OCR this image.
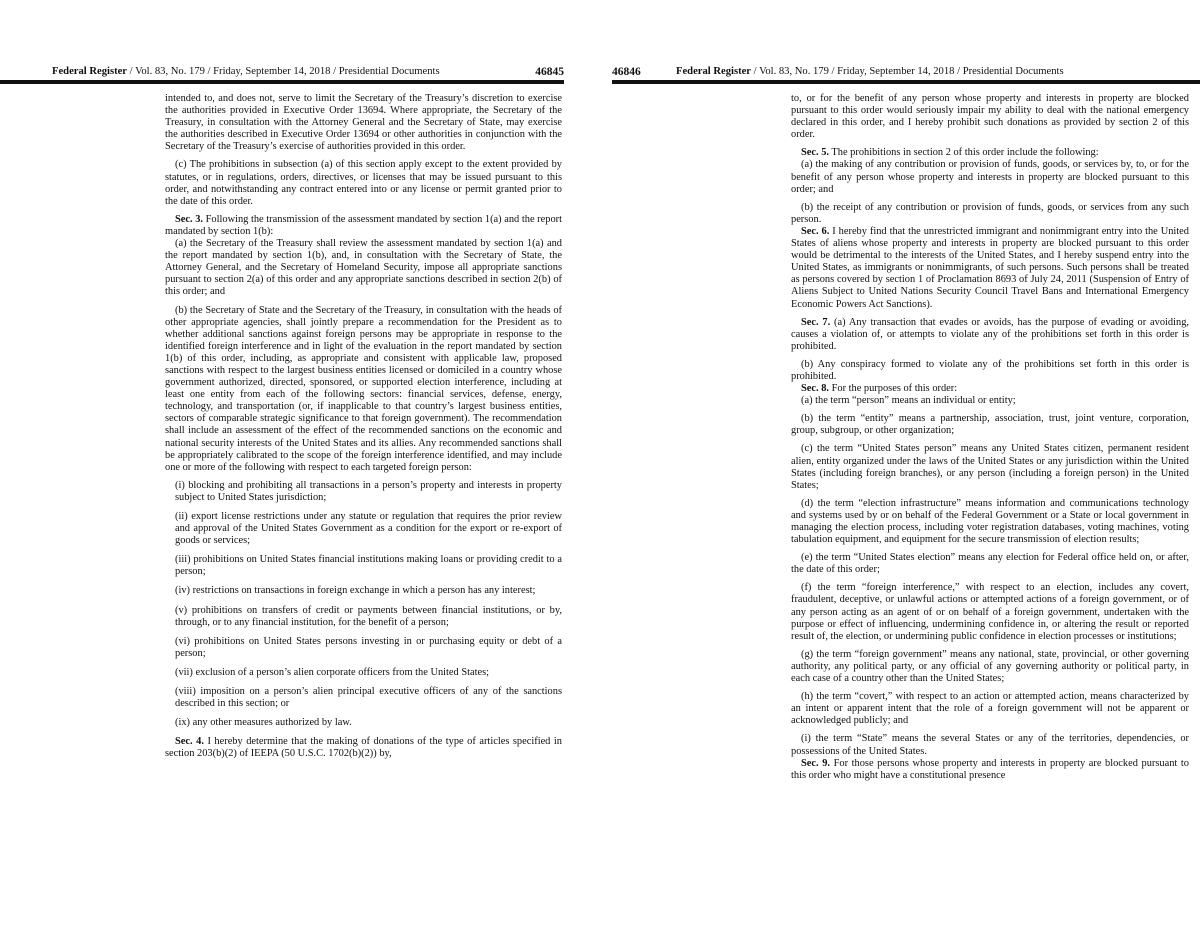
Federal Register / Vol. 83, No. 179 / Friday, September 14, 2018 / Presidential Documents	46845

intended to, and does not, serve to limit the Secretary of the Treasury’s discretion to exercise the authorities provided in Executive Order 13694. Where appropriate, the Secretary of the Treasury, in consultation with the Attorney General and the Secretary of State, may exercise the authorities described in Executive Order 13694 or other authorities in conjunction with the Secretary of the Treasury’s exercise of authorities provided in this order.

(c) The prohibitions in subsection (a) of this section apply except to the extent provided by statutes, or in regulations, orders, directives, or licenses that may be issued pursuant to this order, and notwithstanding any contract entered into or any license or permit granted prior to the date of this order.

Sec. 3. Following the transmission of the assessment mandated by section 1(a) and the report mandated by section 1(b):

(a) the Secretary of the Treasury shall review the assessment mandated by section 1(a) and the report mandated by section 1(b), and, in consultation with the Secretary of State, the Attorney General, and the Secretary of Homeland Security, impose all appropriate sanctions pursuant to section 2(a) of this order and any appropriate sanctions described in section 2(b) of this order; and

(b) the Secretary of State and the Secretary of the Treasury, in consultation with the heads of other appropriate agencies, shall jointly prepare a recommendation for the President as to whether additional sanctions against foreign persons may be appropriate in response to the identified foreign interference and in light of the evaluation in the report mandated by section 1(b) of this order, including, as appropriate and consistent with applicable law, proposed sanctions with respect to the largest business entities licensed or domiciled in a country whose government authorized, directed, sponsored, or supported election interference, including at least one entity from each of the following sectors: financial services, defense, energy, technology, and transportation (or, if inapplicable to that country’s largest business entities, sectors of comparable strategic significance to that foreign government). The recommendation shall include an assessment of the effect of the recommended sanctions on the economic and national security interests of the United States and its allies. Any recommended sanctions shall be appropriately calibrated to the scope of the foreign interference identified, and may include one or more of the following with respect to each targeted foreign person:

(i) blocking and prohibiting all transactions in a person’s property and interests in property subject to United States jurisdiction;

(ii) export license restrictions under any statute or regulation that requires the prior review and approval of the United States Government as a condition for the export or re-export of goods or services;

(iii) prohibitions on United States financial institutions making loans or providing credit to a person;

(iv) restrictions on transactions in foreign exchange in which a person has any interest;

(v) prohibitions on transfers of credit or payments between financial institutions, or by, through, or to any financial institution, for the benefit of a person;

(vi) prohibitions on United States persons investing in or purchasing equity or debt of a person;

(vii) exclusion of a person’s alien corporate officers from the United States;

(viii) imposition on a person’s alien principal executive officers of any of the sanctions described in this section; or

(ix) any other measures authorized by law.

Sec. 4. I hereby determine that the making of donations of the type of articles specified in section 203(b)(2) of IEEPA (50 U.S.C. 1702(b)(2)) by,

46846	Federal Register / Vol. 83, No. 179 / Friday, September 14, 2018 / Presidential Documents

to, or for the benefit of any person whose property and interests in property are blocked pursuant to this order would seriously impair my ability to deal with the national emergency declared in this order, and I hereby prohibit such donations as provided by section 2 of this order.

Sec. 5. The prohibitions in section 2 of this order include the following:

(a) the making of any contribution or provision of funds, goods, or services by, to, or for the benefit of any person whose property and interests in property are blocked pursuant to this order; and

(b) the receipt of any contribution or provision of funds, goods, or services from any such person.

Sec. 6. I hereby find that the unrestricted immigrant and nonimmigrant entry into the United States of aliens whose property and interests in property are blocked pursuant to this order would be detrimental to the interests of the United States, and I hereby suspend entry into the United States, as immigrants or nonimmigrants, of such persons. Such persons shall be treated as persons covered by section 1 of Proclamation 8693 of July 24, 2011 (Suspension of Entry of Aliens Subject to United Nations Security Council Travel Bans and International Emergency Economic Powers Act Sanctions).

Sec. 7. (a) Any transaction that evades or avoids, has the purpose of evading or avoiding, causes a violation of, or attempts to violate any of the prohibitions set forth in this order is prohibited.

(b) Any conspiracy formed to violate any of the prohibitions set forth in this order is prohibited.

Sec. 8. For the purposes of this order:

(a) the term “person” means an individual or entity;

(b) the term “entity” means a partnership, association, trust, joint venture, corporation, group, subgroup, or other organization;

(c) the term “United States person” means any United States citizen, permanent resident alien, entity organized under the laws of the United States or any jurisdiction within the United States (including foreign branches), or any person (including a foreign person) in the United States;

(d) the term “election infrastructure” means information and communications technology and systems used by or on behalf of the Federal Government or a State or local government in managing the election process, including voter registration databases, voting machines, voting tabulation equipment, and equipment for the secure transmission of election results;

(e) the term “United States election” means any election for Federal office held on, or after, the date of this order;

(f) the term “foreign interference,” with respect to an election, includes any covert, fraudulent, deceptive, or unlawful actions or attempted actions of a foreign government, or of any person acting as an agent of or on behalf of a foreign government, undertaken with the purpose or effect of influencing, undermining confidence in, or altering the result or reported result of, the election, or undermining public confidence in election processes or institutions;

(g) the term “foreign government” means any national, state, provincial, or other governing authority, any political party, or any official of any governing authority or political party, in each case of a country other than the United States;

(h) the term “covert,” with respect to an action or attempted action, means characterized by an intent or apparent intent that the role of a foreign government will not be apparent or acknowledged publicly; and

(i) the term “State” means the several States or any of the territories, dependencies, or possessions of the United States.

Sec. 9. For those persons whose property and interests in property are blocked pursuant to this order who might have a constitutional presence
